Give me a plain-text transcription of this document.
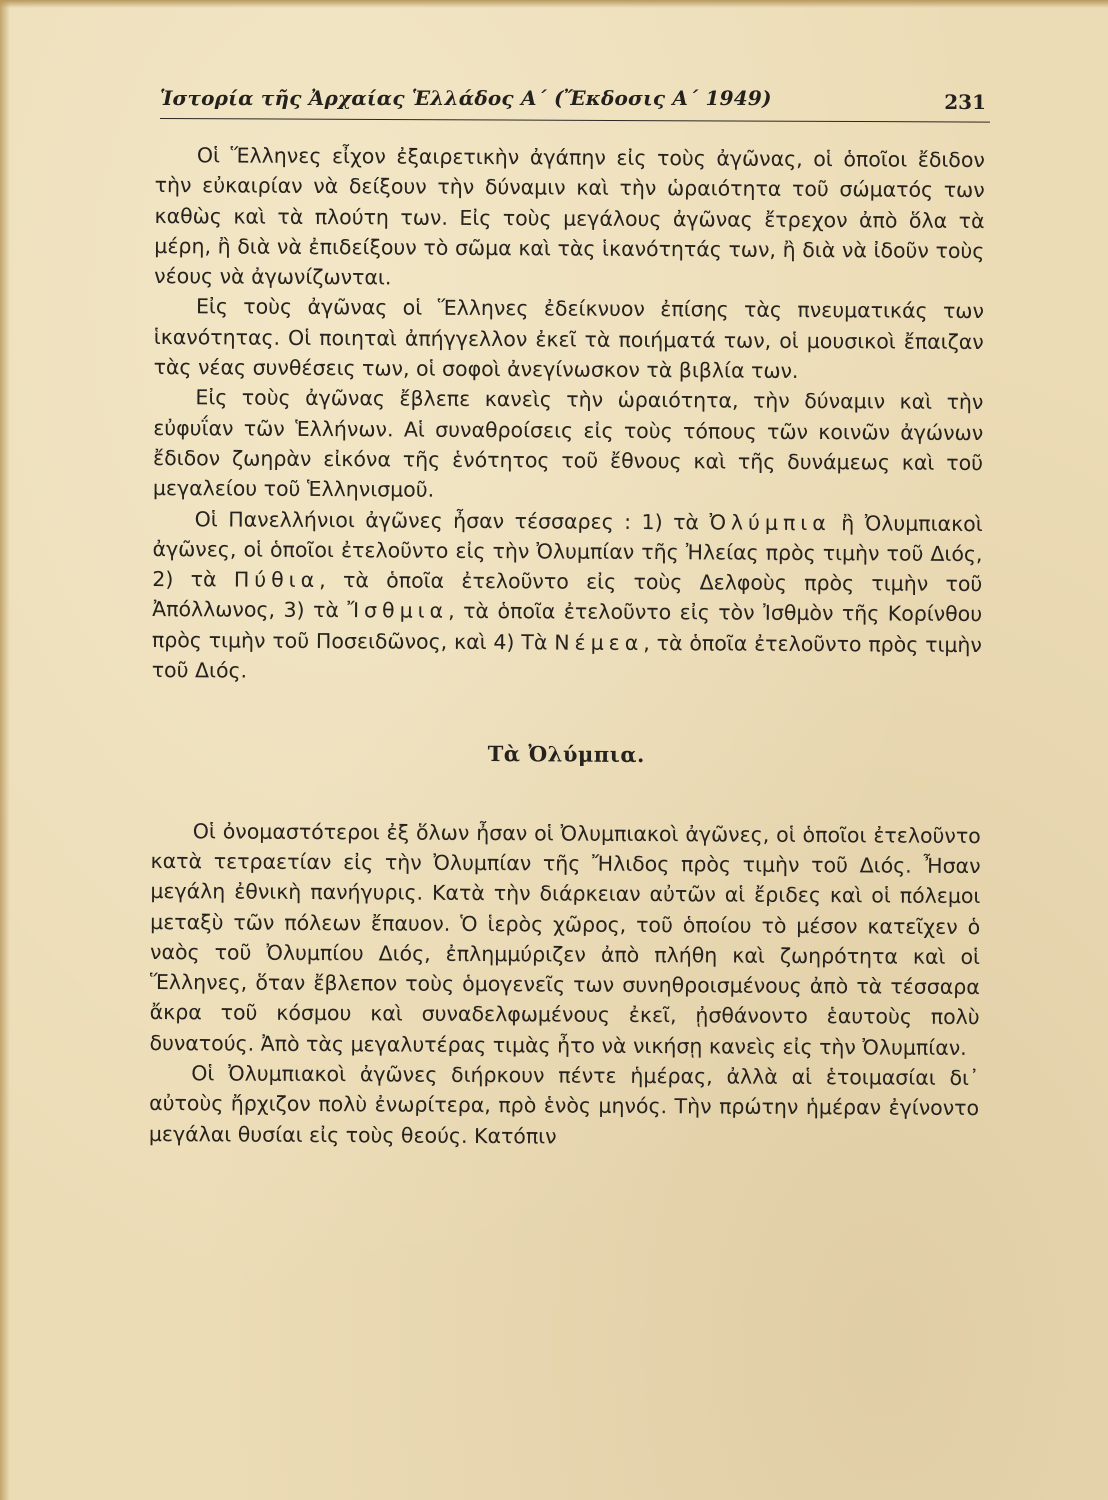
Ἱστορία τῆς Ἀρχαίας Ἑλλάδος Α΄ (Ἔκδοσις Α΄ 1949)	231

Οἱ Ἕλληνες εἶχον ἐξαιρετικὴν ἀγάπην εἰς τοὺς ἀγῶνας, οἱ ὁποῖοι ἔδιδον τὴν εὐκαιρίαν νὰ δείξουν τὴν δύναμιν καὶ τὴν ὡραιότητα τοῦ σώματός των καθὼς καὶ τὰ πλούτη των. Εἰς τοὺς μεγάλους ἀγῶνας ἔτρεχον ἀπὸ ὅλα τὰ μέρη, ἢ διὰ νὰ ἐπιδείξουν τὸ σῶμα καὶ τὰς ἱκανότητάς των, ἢ διὰ νὰ ἰδοῦν τοὺς νέους νὰ ἀγωνίζωνται.

Εἰς τοὺς ἀγῶνας οἱ Ἕλληνες ἐδείκνυον ἐπίσης τὰς πνευματικάς των ἱκανότητας. Οἱ ποιηταὶ ἀπήγγελλον ἐκεῖ τὰ ποιήματά των, οἱ μουσικοὶ ἔπαιζαν τὰς νέας συνθέσεις των, οἱ σοφοὶ ἀνεγίνωσκον τὰ βιβλία των.

Εἰς τοὺς ἀγῶνας ἔβλεπε κανεὶς τὴν ὡραιότητα, τὴν δύναμιν καὶ τὴν εὐφυΐαν τῶν Ἑλλήνων. Αἱ συναθροίσεις εἰς τοὺς τόπους τῶν κοινῶν ἀγώνων ἔδιδον ζωηρὰν εἰκόνα τῆς ἑνότητος τοῦ ἔθνους καὶ τῆς δυνάμεως καὶ τοῦ μεγαλείου τοῦ Ἑλληνισμοῦ.

Οἱ Πανελλήνιοι ἀγῶνες ἦσαν τέσσαρες : 1) τὰ Ὀλύμπια ἢ Ὀλυμπιακοὶ ἀγῶνες, οἱ ὁποῖοι ἐτελοῦντο εἰς τὴν Ὀλυμπίαν τῆς Ἠλείας πρὸς τιμὴν τοῦ Διός, 2) τὰ Πύθια, τὰ ὁποῖα ἐτελοῦντο εἰς τοὺς Δελφοὺς πρὸς τιμὴν τοῦ Ἀπόλλωνος, 3) τὰ Ἴσθμια, τὰ ὁποῖα ἐτελοῦντο εἰς τὸν Ἰσθμὸν τῆς Κορίνθου πρὸς τιμὴν τοῦ Ποσειδῶνος, καὶ 4) Τὰ Νέμεα, τὰ ὁποῖα ἐτελοῦντο πρὸς τιμὴν τοῦ Διός.

Τὰ Ὀλύμπια.

Οἱ ὀνομαστότεροι ἐξ ὅλων ἦσαν οἱ Ὀλυμπιακοὶ ἀγῶνες, οἱ ὁποῖοι ἐτελοῦντο κατὰ τετραετίαν εἰς τὴν Ὀλυμπίαν τῆς Ἤλιδος πρὸς τιμὴν τοῦ Διός. Ἦσαν μεγάλη ἐθνικὴ πανήγυρις. Κατὰ τὴν διάρκειαν αὐτῶν αἱ ἔριδες καὶ οἱ πόλεμοι μεταξὺ τῶν πόλεων ἔπαυον. Ὁ ἱερὸς χῶρος, τοῦ ὁποίου τὸ μέσον κατεῖχεν ὁ ναὸς τοῦ Ὀλυμπίου Διός, ἐπλημμύριζεν ἀπὸ πλήθη καὶ ζωηρότητα καὶ οἱ Ἕλληνες, ὅταν ἔβλεπον τοὺς ὁμογενεῖς των συνηθροισμένους ἀπὸ τὰ τέσσαρα ἄκρα τοῦ κόσμου καὶ συναδελφωμένους ἐκεῖ, ᾐσθάνοντο ἑαυτοὺς πολὺ δυνατούς. Ἀπὸ τὰς μεγαλυτέρας τιμὰς ἦτο νὰ νικήσῃ κανεὶς εἰς τὴν Ὀλυμπίαν.

Οἱ Ὀλυμπιακοὶ ἀγῶνες διήρκουν πέντε ἡμέρας, ἀλλὰ αἱ ἑτοιμασίαι δι᾿ αὐτοὺς ἤρχιζον πολὺ ἐνωρίτερα, πρὸ ἑνὸς μηνός. Τὴν πρώτην ἡμέραν ἐγίνοντο μεγάλαι θυσίαι εἰς τοὺς θεούς. Κατόπιν
